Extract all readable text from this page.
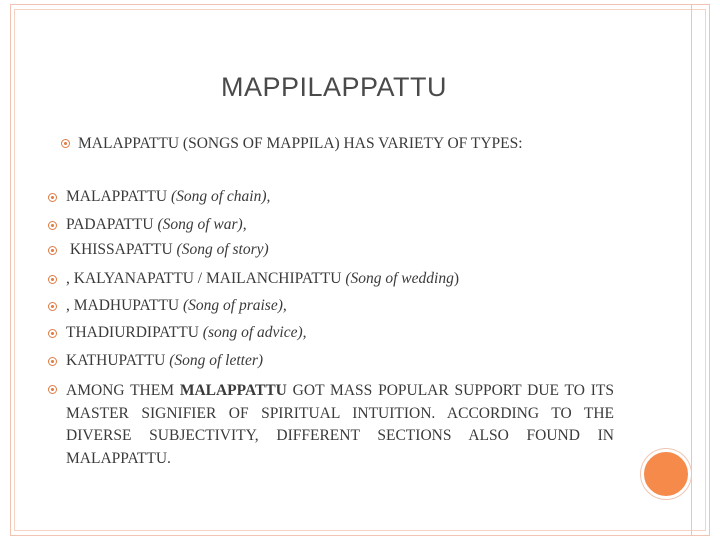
MAPPILAPPATTU
MALAPPATTU (SONGS OF MAPPILA) HAS VARIETY OF TYPES:
MALAPPATTU (Song of chain),
PADAPATTU (Song of war),
KHISSAPATTU (Song of story)
, KALYANAPATTU / MAILANCHIPATTU (Song of wedding)
, MADHUPATTU (Song of praise),
THADIURDIPATTU (song of advice),
KATHUPATTU (Song of letter)
AMONG THEM MALAPPATTU GOT MASS POPULAR SUPPORT DUE TO ITS MASTER SIGNIFIER OF SPIRITUAL INTUITION. ACCORDING TO THE DIVERSE SUBJECTIVITY, DIFFERENT SECTIONS ALSO FOUND IN MALAPPATTU.
